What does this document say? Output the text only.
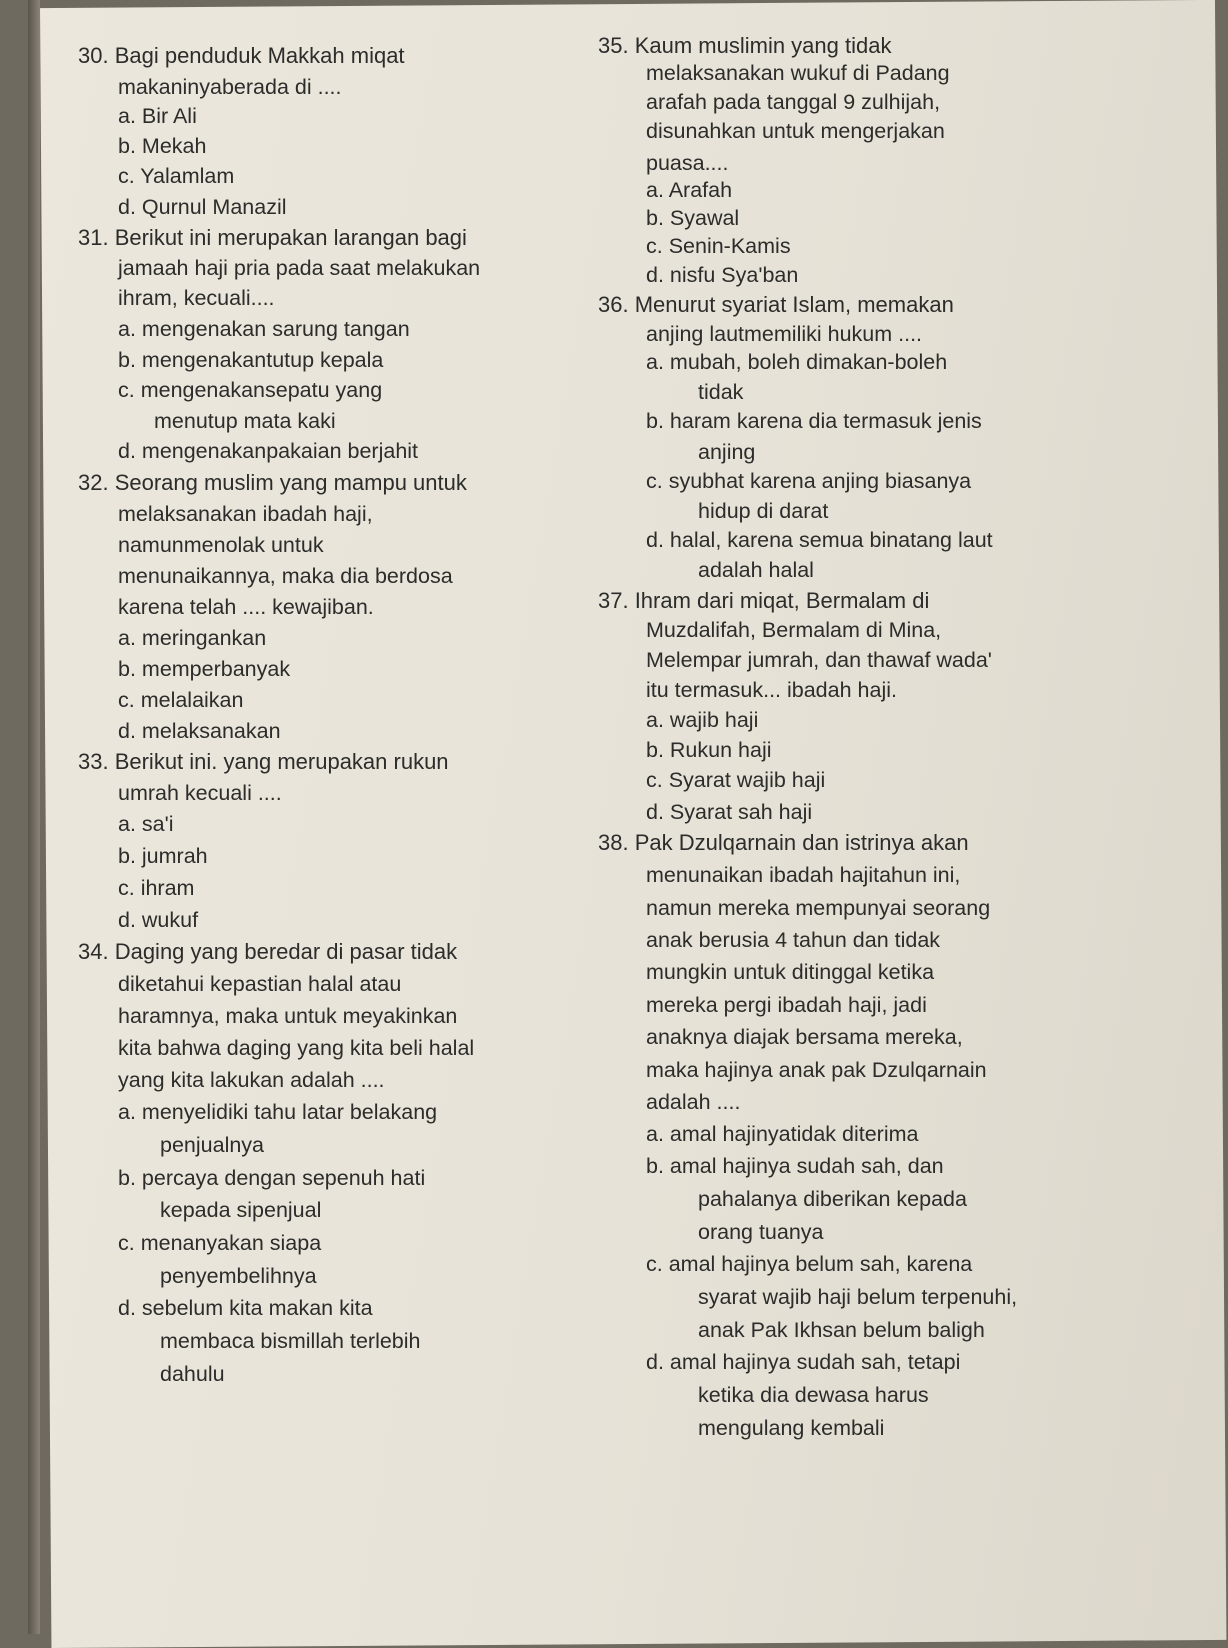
30. Bagi penduduk Makkah miqat
makaninyaberada di ....
a. Bir Ali
b. Mekah
c. Yalamlam
d. Qurnul Manazil
31. Berikut ini merupakan larangan bagi
jamaah haji pria pada saat melakukan
ihram, kecuali....
a. mengenakan sarung tangan
b. mengenakantutup kepala
c. mengenakansepatu yang
menutup mata kaki
d. mengenakanpakaian berjahit
32. Seorang muslim yang mampu untuk
melaksanakan ibadah haji,
namunmenolak untuk
menunaikannya, maka dia berdosa
karena telah .... kewajiban.
a. meringankan
b. memperbanyak
c. melalaikan
d. melaksanakan
33. Berikut ini. yang merupakan rukun
umrah kecuali ....
a. sa'i
b. jumrah
c. ihram
d. wukuf
34. Daging yang beredar di pasar tidak
diketahui kepastian halal atau
haramnya, maka untuk meyakinkan
kita bahwa daging yang kita beli halal
yang kita lakukan adalah ....
a. menyelidiki tahu latar belakang
penjualnya
b. percaya dengan sepenuh hati
kepada sipenjual
c. menanyakan siapa
penyembelihnya
d. sebelum kita makan kita
membaca bismillah terlebih
dahulu
35. Kaum muslimin yang tidak
melaksanakan wukuf di Padang
arafah pada tanggal 9 zulhijah,
disunahkan untuk mengerjakan
puasa....
a. Arafah
b. Syawal
c. Senin-Kamis
d. nisfu Sya'ban
36. Menurut syariat Islam, memakan
anjing lautmemiliki hukum ....
a. mubah, boleh dimakan-boleh
tidak
b. haram karena dia termasuk jenis
anjing
c. syubhat karena anjing biasanya
hidup di darat
d. halal, karena semua binatang laut
adalah halal
37. Ihram dari miqat, Bermalam di
Muzdalifah, Bermalam di Mina,
Melempar jumrah, dan thawaf wada'
itu termasuk... ibadah haji.
a. wajib haji
b. Rukun haji
c. Syarat wajib haji
d. Syarat sah haji
38. Pak Dzulqarnain dan istrinya akan
menunaikan ibadah hajitahun ini,
namun mereka mempunyai seorang
anak berusia 4 tahun dan tidak
mungkin untuk ditinggal ketika
mereka pergi ibadah haji, jadi
anaknya diajak bersama mereka,
maka hajinya anak pak Dzulqarnain
adalah ....
a. amal hajinyatidak diterima
b. amal hajinya sudah sah, dan
pahalanya diberikan kepada
orang tuanya
c. amal hajinya belum sah, karena
syarat wajib haji belum terpenuhi,
anak Pak Ikhsan belum baligh
d. amal hajinya sudah sah, tetapi
ketika dia dewasa harus
mengulang kembali
